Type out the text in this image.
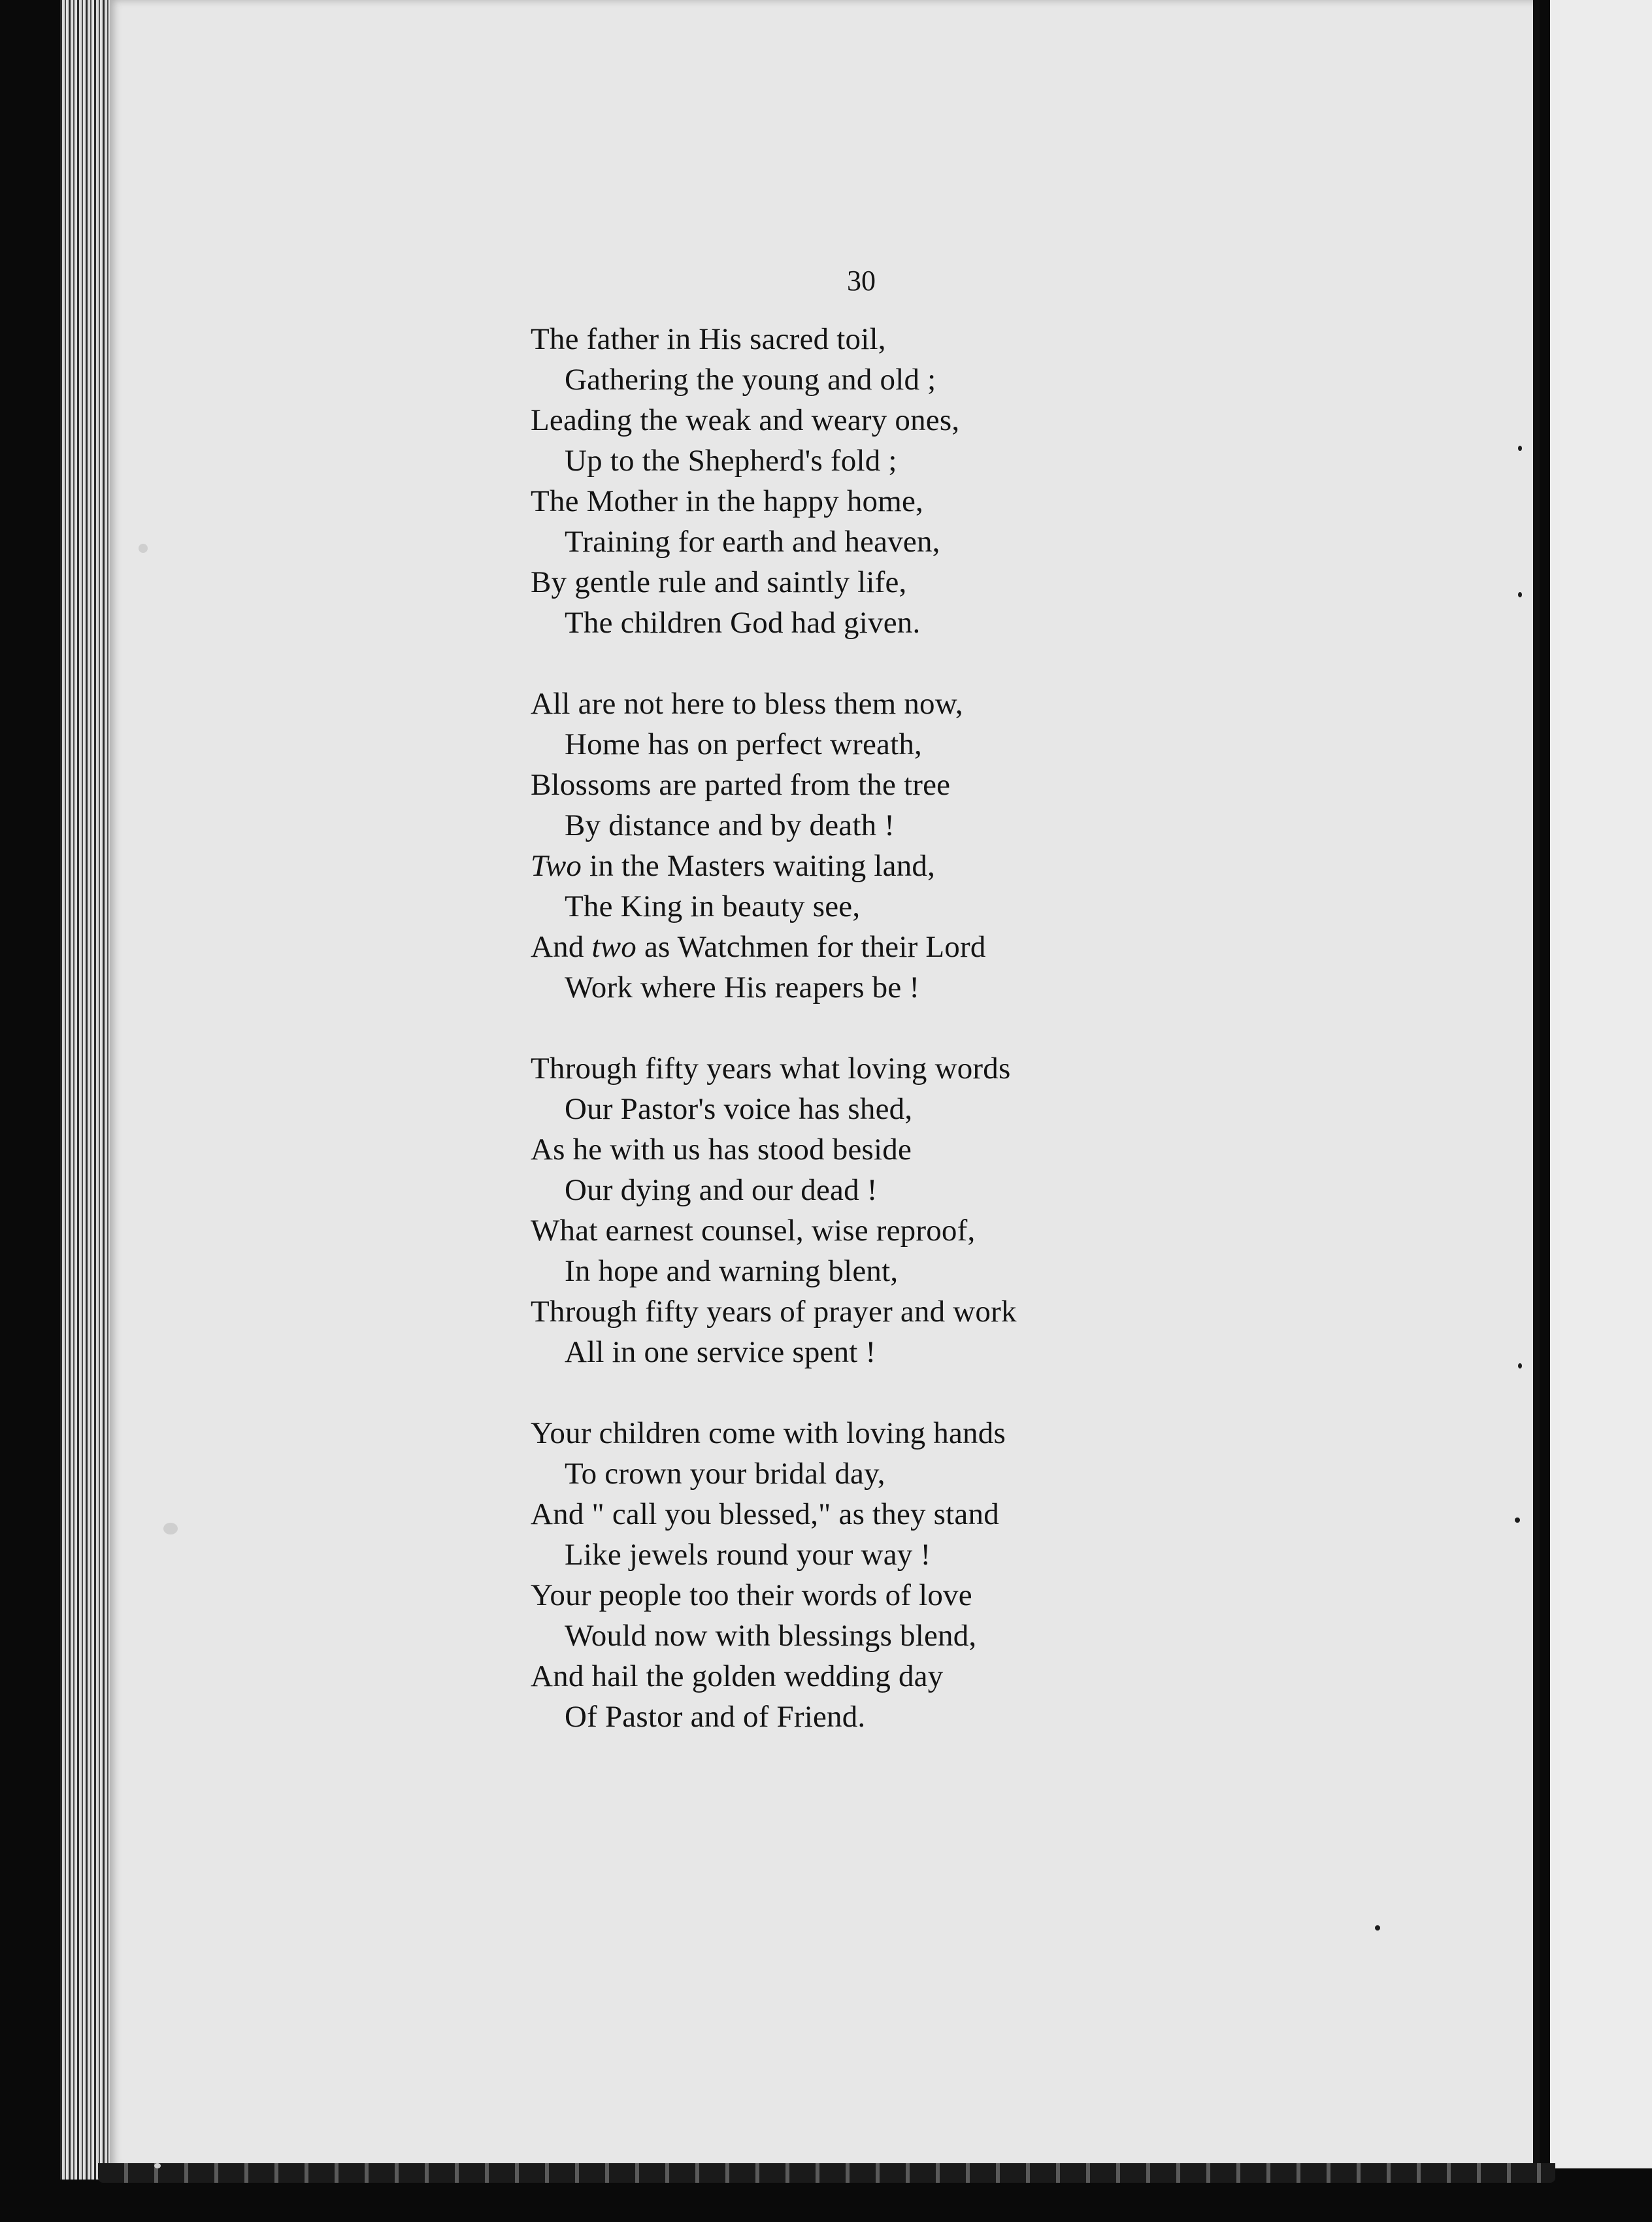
30
The father in His sacred toil,
Gathering the young and old ;
Leading the weak and weary ones,
Up to the Shepherd's fold ;
The Mother in the happy home,
Training for earth and heaven,
By gentle rule and saintly life,
The children God had given.
All are not here to bless them now,
Home has on perfect wreath,
Blossoms are parted from the tree
By distance and by death !
Two in the Masters waiting land,
The King in beauty see,
And two as Watchmen for their Lord
Work where His reapers be !
Through fifty years what loving words
Our Pastor's voice has shed,
As he with us has stood beside
Our dying and our dead !
What earnest counsel, wise reproof,
In hope and warning blent,
Through fifty years of prayer and work
All in one service spent !
Your children come with loving hands
To crown your bridal day,
And " call you blessed," as they stand
Like jewels round your way !
Your people too their words of love
Would now with blessings blend,
And hail the golden wedding day
Of Pastor and of Friend.
